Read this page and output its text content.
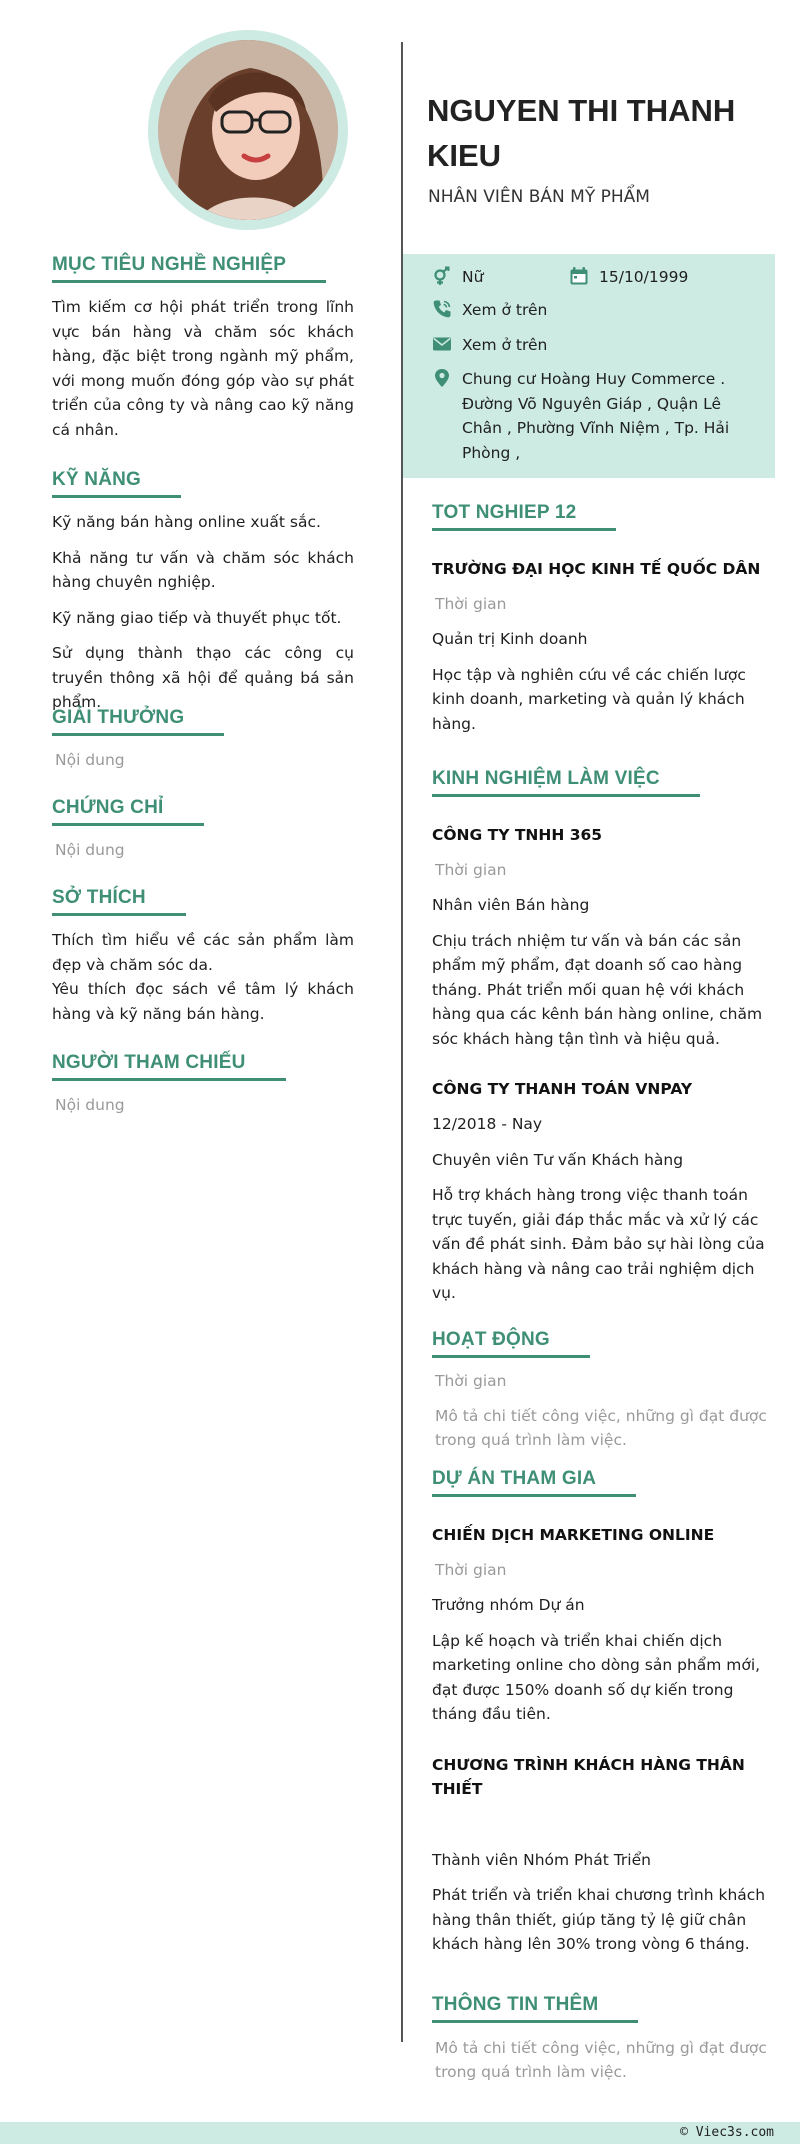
MỤC TIÊU NGHỀ NGHIỆP

Tìm kiếm cơ hội phát triển trong lĩnh vực bán hàng và chăm sóc khách hàng, đặc biệt trong ngành mỹ phẩm, với mong muốn đóng góp vào sự phát triển của công ty và nâng cao kỹ năng cá nhân.

KỸ NĂNG

Kỹ năng bán hàng online xuất sắc.

Khả năng tư vấn và chăm sóc khách hàng chuyên nghiệp.

Kỹ năng giao tiếp và thuyết phục tốt.

Sử dụng thành thạo các công cụ truyền thông xã hội để quảng bá sản phẩm.

GIẢI THƯỞNG
Nội dung
CHỨNG CHỈ
Nội dung
SỞ THÍCH

Thích tìm hiểu về các sản phẩm làm đẹp và chăm sóc da.

Yêu thích đọc sách về tâm lý khách hàng và kỹ năng bán hàng.

NGƯỜI THAM CHIẾU
Nội dung
NGUYEN THI THANH KIEU
NHÂN VIÊN BÁN MỸ PHẨM
Nữ	15/10/1999
Xem ở trên
Xem ở trên
Chung cư Hoàng Huy Commerce . Đường Võ Nguyên Giáp , Quận Lê Chân , Phường Vĩnh Niệm , Tp. Hải Phòng ,
TOT NGHIEP 12
TRƯỜNG ĐẠI HỌC KINH TẾ QUỐC DÂN
Thời gian
Quản trị Kinh doanh

Học tập và nghiên cứu về các chiến lược kinh doanh, marketing và quản lý khách hàng.

KINH NGHIỆM LÀM VIỆC
CÔNG TY TNHH 365
Thời gian
Nhân viên Bán hàng

Chịu trách nhiệm tư vấn và bán các sản phẩm mỹ phẩm, đạt doanh số cao hàng tháng. Phát triển mối quan hệ với khách hàng qua các kênh bán hàng online, chăm sóc khách hàng tận tình và hiệu quả.

CÔNG TY THANH TOÁN VNPAY
12/2018 - Nay
Chuyên viên Tư vấn Khách hàng

Hỗ trợ khách hàng trong việc thanh toán trực tuyến, giải đáp thắc mắc và xử lý các vấn đề phát sinh. Đảm bảo sự hài lòng của khách hàng và nâng cao trải nghiệm dịch vụ.

HOẠT ĐỘNG
Thời gian

Mô tả chi tiết công việc, những gì đạt được trong quá trình làm việc.

DỰ ÁN THAM GIA
CHIẾN DỊCH MARKETING ONLINE
Thời gian
Trưởng nhóm Dự án

Lập kế hoạch và triển khai chiến dịch marketing online cho dòng sản phẩm mới, đạt được 150% doanh số dự kiến trong tháng đầu tiên.

CHƯƠNG TRÌNH KHÁCH HÀNG THÂN THIẾT
Thành viên Nhóm Phát Triển

Phát triển và triển khai chương trình khách hàng thân thiết, giúp tăng tỷ lệ giữ chân khách hàng lên 30% trong vòng 6 tháng.

THÔNG TIN THÊM

Mô tả chi tiết công việc, những gì đạt được trong quá trình làm việc.

© Viec3s.com
